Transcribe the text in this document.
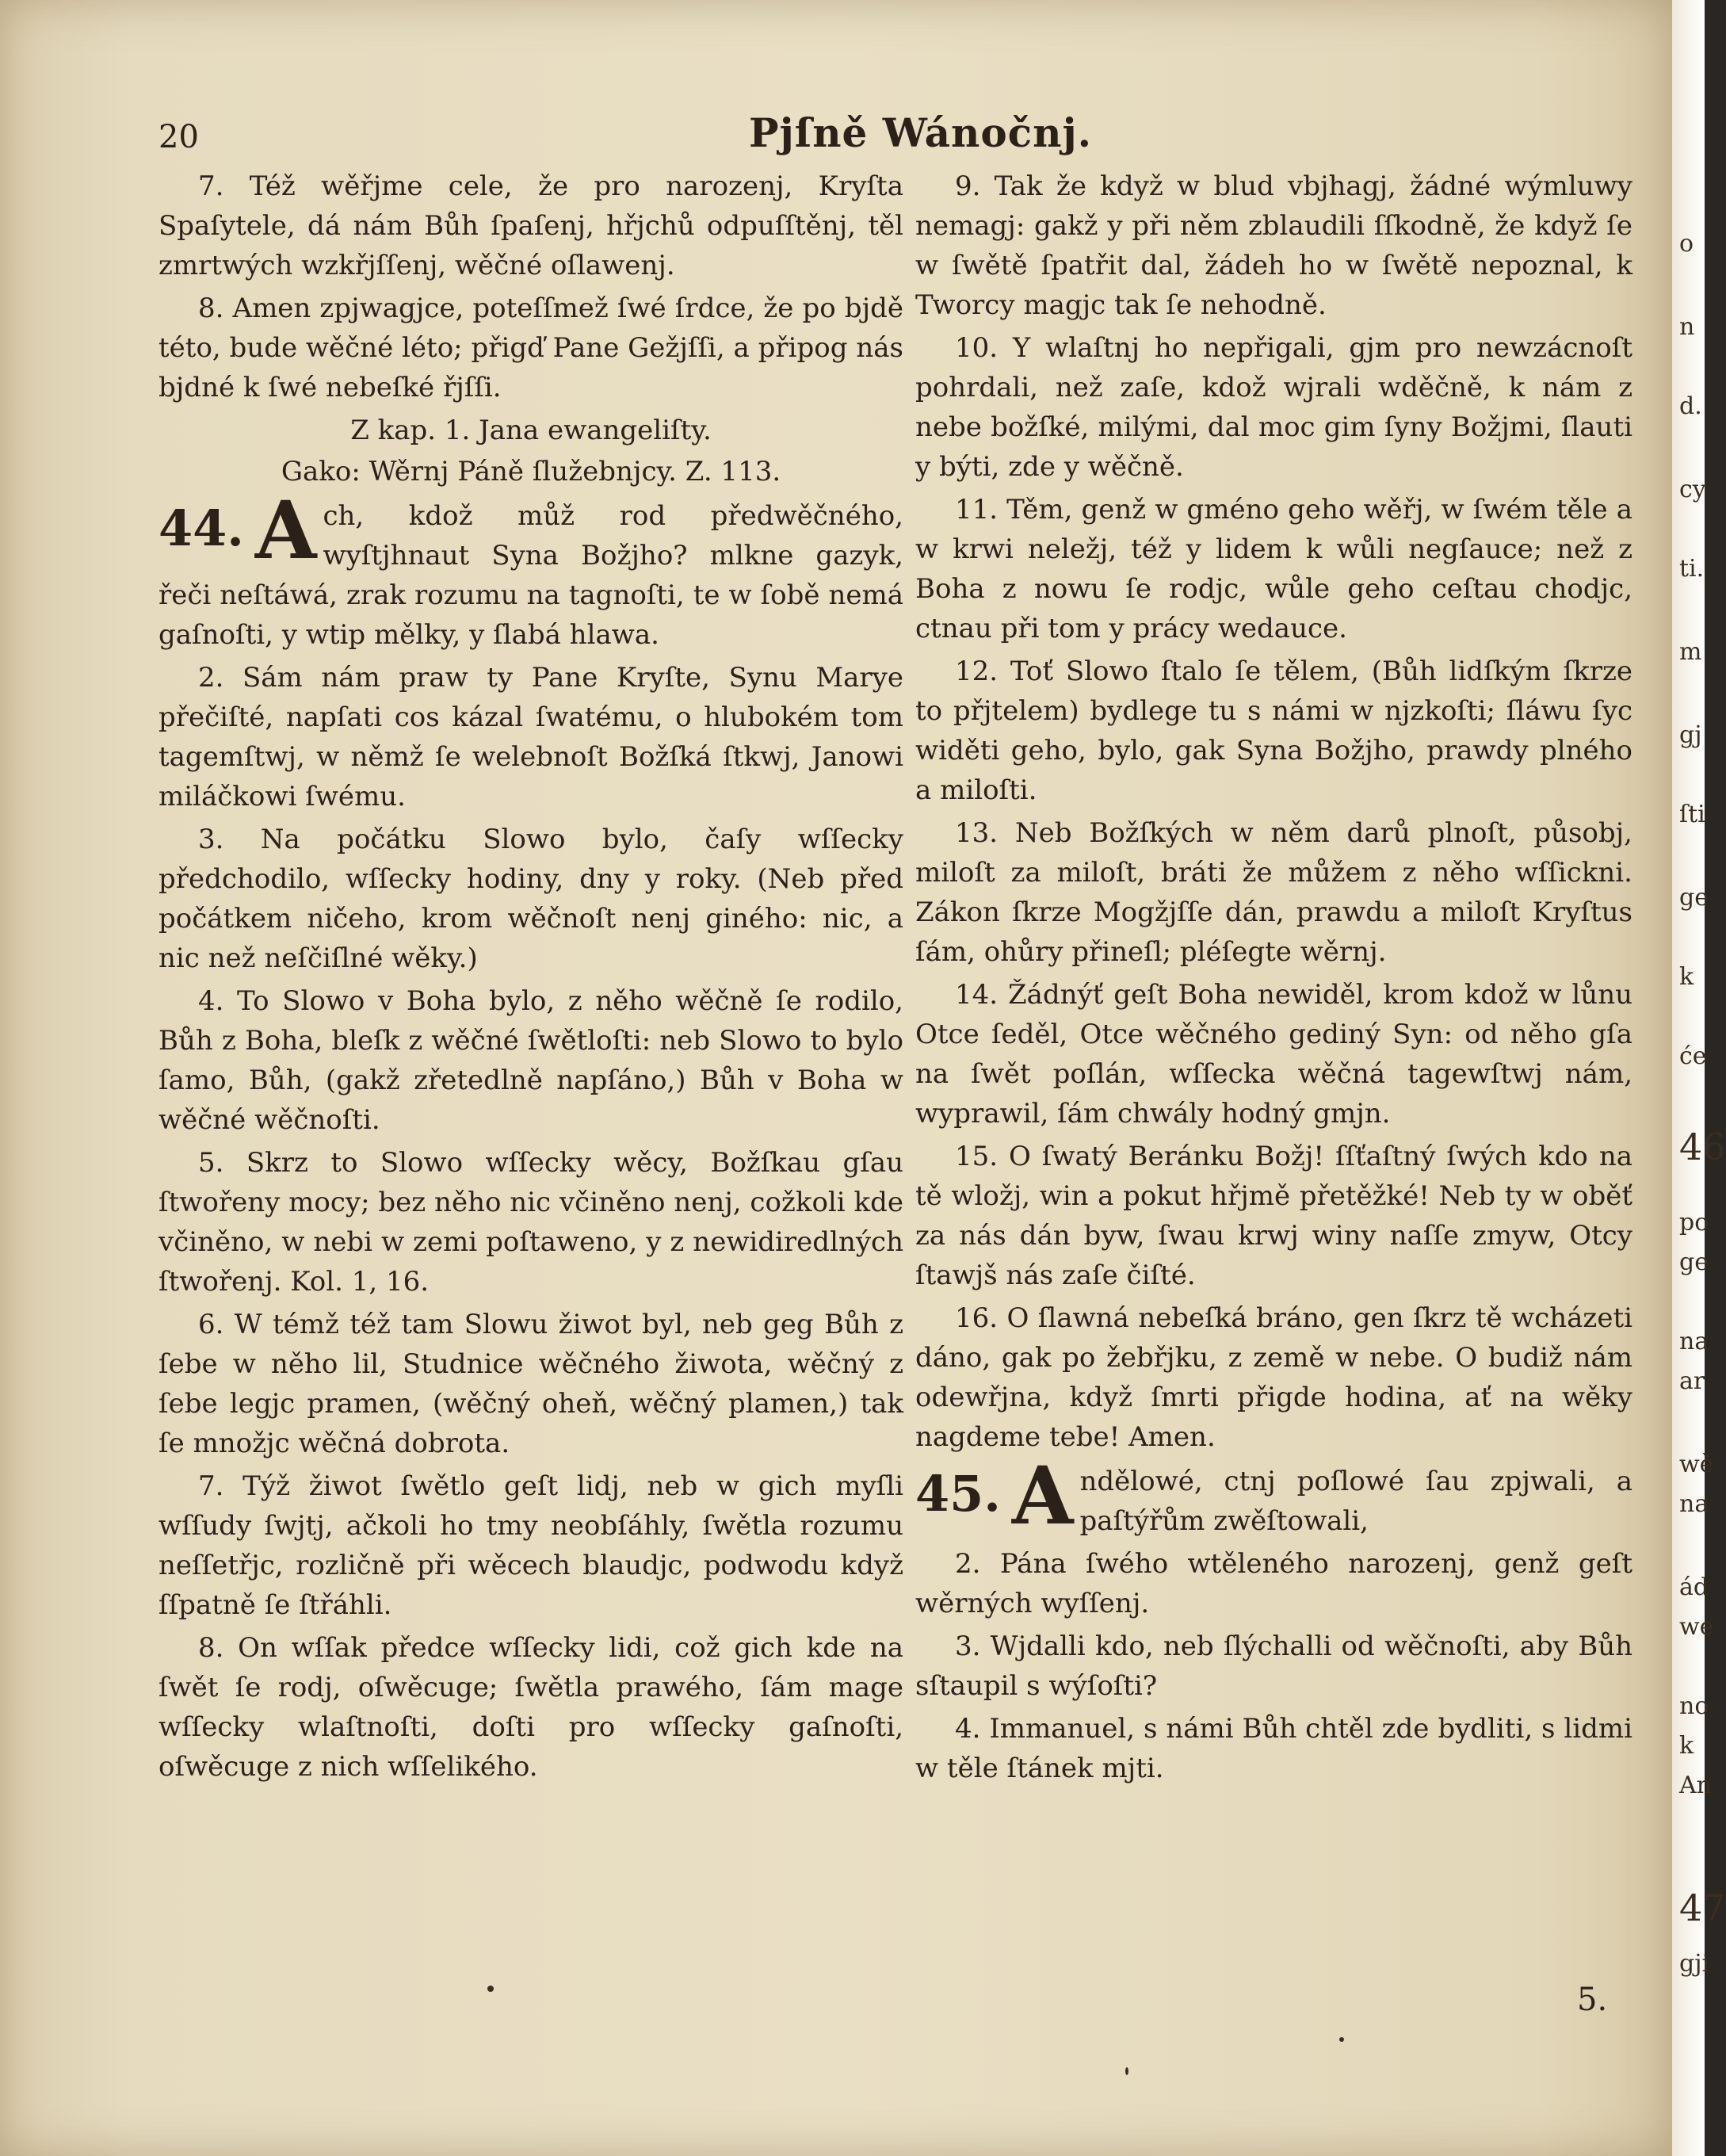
20	Pjſně Wánočnj.

7. Též wěřjme cele, že pro narozenj, Kryſta Spaſytele, dá nám Bůh ſpaſenj, hřjchů odpuſſtěnj, těl zmrtwých wzkřjſſenj, wěčné oſlawenj.

8. Amen zpjwagjce, poteſſmež ſwé ſrdce, že po bjdě této, bude wěčné léto; přigď Pane Gežjſſi, a připog nás bjdné k ſwé nebeſké řjſſi.

Z kap. 1. Jana ewangeliſty.

Gako: Wěrnj Páně ſlužebnjcy. Z. 113.

44. A ch, kdož můž rod předwěčného, wyſtjhnaut Syna Božjho? mlkne gazyk, řeči neſtáwá, zrak rozumu na tagnoſti, te w ſobě nemá gaſnoſti, y wtip mělky, y ſlabá hlawa.

2. Sám nám praw ty Pane Kryſte, Synu Marye přečiſté, napſati cos kázal ſwatému, o hlubokém tom tagemſtwj, w němž ſe welebnoſt Božſká ſtkwj, Janowi miláčkowi ſwému.

3. Na počátku Slowo bylo, čaſy wſſecky předchodilo, wſſecky hodiny, dny y roky. (Neb před počátkem ničeho, krom wěčnoſt nenj giného: nic, a nic než neſčiſlné wěky.)

4. To Slowo v Boha bylo, z něho wěčně ſe rodilo, Bůh z Boha, bleſk z wěčné ſwětloſti: neb Slowo to bylo ſamo, Bůh, (gakž zřetedlně napſáno,) Bůh v Boha w wěčné wěčnoſti.

5. Skrz to Slowo wſſecky wěcy, Božſkau gſau ſtwořeny mocy; bez něho nic včiněno nenj, cožkoli kde včiněno, w nebi w zemi poſtaweno, y z newidiredlných ſtwořenj. Kol. 1, 16.

6. W témž též tam Slowu žiwot byl, neb geg Bůh z ſebe w něho lil, Studnice wěčného žiwota, wěčný z ſebe legjc pramen, (wěčný oheň, wěčný plamen,) tak ſe množjc wěčná dobrota.

7. Týž žiwot ſwětlo geſt lidj, neb w gich myſli wſſudy ſwjtj, ačkoli ho tmy neobſáhly, ſwětla rozumu neſſetřjc, rozličně při wěcech blaudjc, podwodu když ſſpatně ſe ſtřáhli.

8. On wſſak předce wſſecky lidi, což gich kde na ſwět ſe rodj, oſwěcuge; ſwětla prawého, ſám mage wſſecky wlaſtnoſti, doſti pro wſſecky gaſnoſti, oſwěcuge z nich wſſelikého.

9. Tak že když w blud vbjhagj, žádné wýmluwy nemagj: gakž y při něm zblaudili ſſkodně, že když ſe w ſwětě ſpatřit dal, žádeh ho w ſwětě nepoznal, k Tworcy magjc tak ſe nehodně.

10. Y wlaſtnj ho nepřigali, gjm pro newzácnoſt pohrdali, než zaſe, kdož wjrali wděčně, k nám z nebe božſké, milými, dal moc gim ſyny Božjmi, ſlauti y býti, zde y wěčně.

11. Těm, genž w gméno geho wěřj, w ſwém těle a w krwi neležj, též y lidem k wůli negſauce; než z Boha z nowu ſe rodjc, wůle geho ceſtau chodjc, ctnau při tom y prácy wedauce.

12. Toť Slowo ſtalo ſe tělem, (Bůh lidſkým ſkrze to přjtelem) bydlege tu s námi w njzkoſti; ſláwu ſyc widěti geho, bylo, gak Syna Božjho, prawdy plného a miloſti.

13. Neb Božſkých w něm darů plnoſt, působj, miloſt za miloſt, bráti že můžem z něho wſſickni. Zákon ſkrze Mogžjſſe dán, prawdu a miloſt Kryſtus ſám, ohůry přineſl; pléſegte wěrnj.

14. Žádnýť geſt Boha newiděl, krom kdož w lůnu Otce ſeděl, Otce wěčného gediný Syn: od něho gſa na ſwět poſlán, wſſecka wěčná tagewſtwj nám, wyprawil, ſám chwály hodný gmjn.

15. O ſwatý Beránku Božj! ſſťaſtný ſwých kdo na tě wložj, win a pokut hřjmě přetěžké! Neb ty w oběť za nás dán byw, ſwau krwj winy naſſe zmyw, Otcy ſtawjš nás zaſe čiſté.

16. O ſlawná nebeſká bráno, gen ſkrz tě wcházeti dáno, gak po žebřjku, z země w nebe. O budiž nám odewřjna, když ſmrti přigde hodina, ať na wěky nagdeme tebe! Amen.

45. A ndělowé, ctnj poſlowé ſau zpjwali, a paſtýřům zwěſtowali,

2. Pána ſwého wtěleného narozenj, genž geſt wěrných wyſſenj.

3. Wjdalli kdo, neb ſlýchalli od wěčnoſti, aby Bůh sſtaupil s wýſoſti?

4. Immanuel, s námi Bůh chtěl zde bydliti, s lidmi w těle ſtánek mjti.

5.
o
n
d.
cy
ti.
m
gj
ſti
ge
k
će
46
po
ge
na
ar
wě
na
ád
we
no
k
An
47
gji
